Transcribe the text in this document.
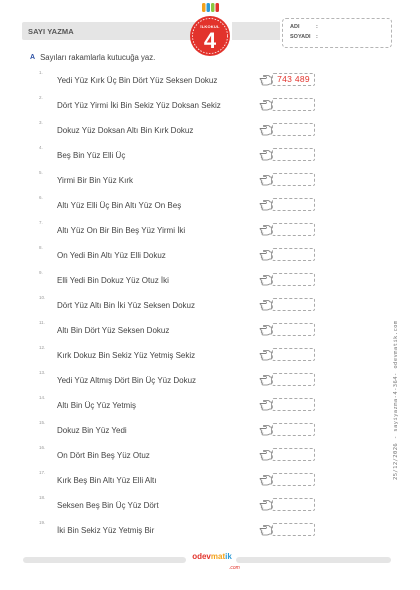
SAYI YAZMA	İLKOKUL
4
ADI	:
SOYADI :
A Sayıları rakamlarla kutucuğa yaz.
1.
Yedi Yüz Kırk Üç Bin Dört Yüz Seksen Dokuz	743 489
2.
Dört Yüz Yirmi İki Bin Sekiz Yüz Doksan Sekiz
3.
Dokuz Yüz Doksan Altı Bin Kırk Dokuz
4.
Beş Bin Yüz Elli Üç
5.
Yirmi Bir Bin Yüz Kırk
6.
Altı Yüz Elli Üç Bin Altı Yüz On Beş
7.
Altı Yüz On Bir Bin Beş Yüz Yirmi İki
8.
On Yedi Bin Altı Yüz Elli Dokuz
9.
Elli Yedi Bin Dokuz Yüz Otuz İki
10.
Dört Yüz Altı Bin İki Yüz Seksen Dokuz
11.
Altı Bin Dört Yüz Seksen Dokuz
12.
Kırk Dokuz Bin Sekiz Yüz Yetmiş Sekiz
13.
Yedi Yüz Altmış Dört Bin Üç Yüz Dokuz
14.
Altı Bin Üç Yüz Yetmiş
15.
Dokuz Bin Yüz Yedi
16.
On Dört Bin Beş Yüz Otuz
17.
Kırk Beş Bin Altı Yüz Elli Altı
18.
Seksen Beş Bin Üç Yüz Dört
19.
İki Bin Sekiz Yüz Yetmiş Bir
odevmatik
.com
25/12/2026 - sayiyazma-4-364- odevmatik.com
